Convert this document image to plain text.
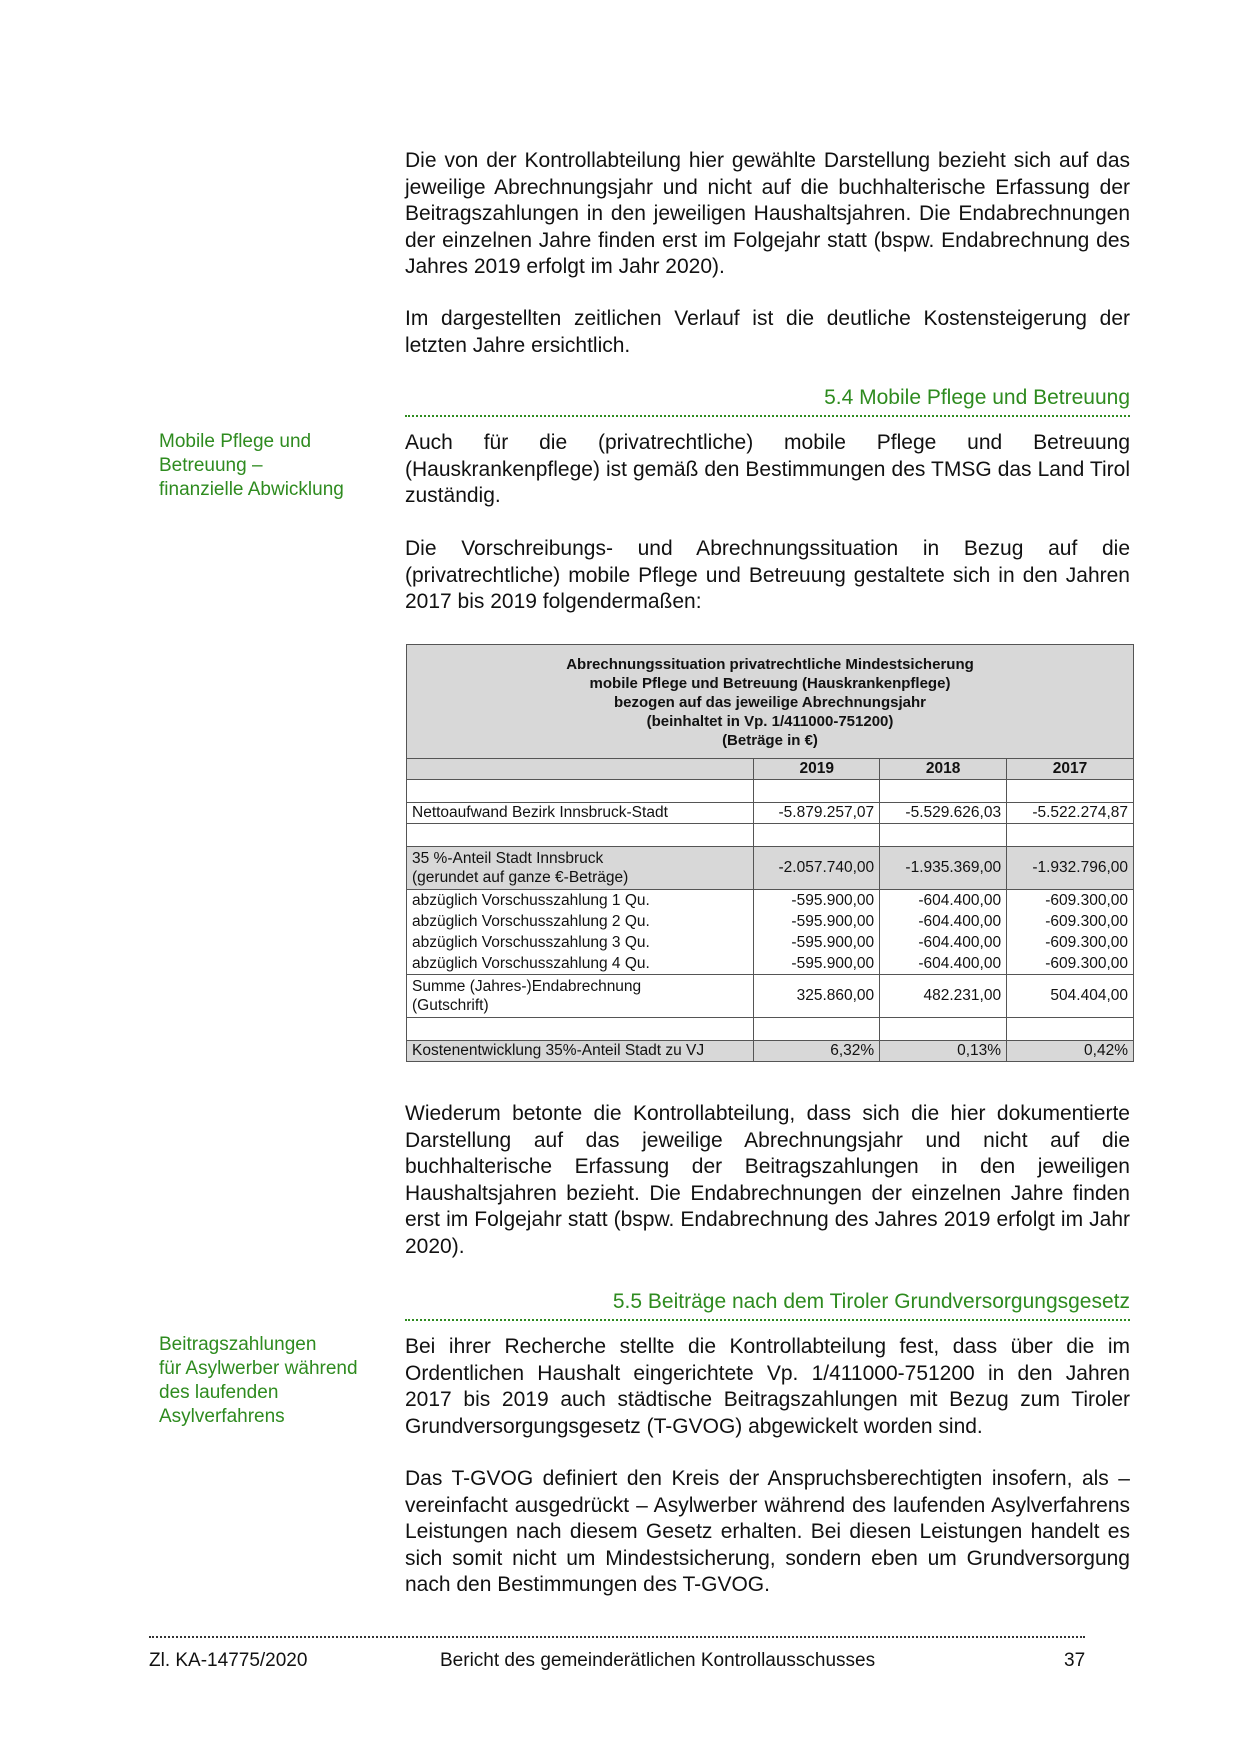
Die von der Kontrollabteilung hier gewählte Darstellung bezieht sich auf das jeweilige Abrechnungsjahr und nicht auf die buchhalterische Erfassung der Beitragszahlungen in den jeweiligen Haushaltsjahren. Die Endabrechnungen der einzelnen Jahre finden erst im Folgejahr statt (bspw. Endabrechnung des Jahres 2019 erfolgt im Jahr 2020).

Im dargestellten zeitlichen Verlauf ist die deutliche Kostensteigerung der letzten Jahre ersichtlich.

5.4 Mobile Pflege und Betreuung
Mobile Pflege und
Betreuung –
finanzielle Abwicklung

Auch für die (privatrechtliche) mobile Pflege und Betreuung (Hauskrankenpflege) ist gemäß den Bestimmungen des TMSG das Land Tirol zuständig.

Die Vorschreibungs- und Abrechnungssituation in Bezug auf die (privatrechtliche) mobile Pflege und Betreuung gestaltete sich in den Jahren 2017 bis 2019 folgendermaßen:

Abrechnungssituation privatrechtliche Mindestsicherung
mobile Pflege und Betreuung (Hauskrankenpflege)
bezogen auf das jeweilige Abrechnungsjahr
(beinhaltet in Vp. 1/411000-751200)
(Beträge in €)			

	2019	2018	2017

Nettoaufwand Bezirk Innsbruck-Stadt	-5.879.257,07	-5.529.626,03	-5.522.274,87

35 %-Anteil Stadt Innsbruck
(gerundet auf ganze €-Beträge)	-2.057.740,00	-1.935.369,00	-1.932.796,00
abzüglich Vorschusszahlung 1 Qu.	-595.900,00	-604.400,00	-609.300,00
abzüglich Vorschusszahlung 2 Qu.	-595.900,00	-604.400,00	-609.300,00
abzüglich Vorschusszahlung 3 Qu.	-595.900,00	-604.400,00	-609.300,00
abzüglich Vorschusszahlung 4 Qu.	-595.900,00	-604.400,00	-609.300,00

Summe (Jahres-)Endabrechnung
(Gutschrift)	325.860,00	482.231,00	504.404,00

Kostenentwicklung 35%-Anteil Stadt zu VJ	6,32%	0,13%	0,42%

Wiederum betonte die Kontrollabteilung, dass sich die hier dokumentierte Darstellung auf das jeweilige Abrechnungsjahr und nicht auf die buchhalterische Erfassung der Beitragszahlungen in den jeweiligen Haushaltsjahren bezieht. Die Endabrechnungen der einzelnen Jahre finden erst im Folgejahr statt (bspw. Endabrechnung des Jahres 2019 erfolgt im Jahr 2020).

5.5 Beiträge nach dem Tiroler Grundversorgungsgesetz
Beitragszahlungen
für Asylwerber während
des laufenden
Asylverfahrens

Bei ihrer Recherche stellte die Kontrollabteilung fest, dass über die im Ordentlichen Haushalt eingerichtete Vp. 1/411000-751200 in den Jahren 2017 bis 2019 auch städtische Beitragszahlungen mit Bezug zum Tiroler Grundversorgungsgesetz (T-GVOG) abgewickelt worden sind.

Das T-GVOG definiert den Kreis der Anspruchsberechtigten insofern, als – vereinfacht ausgedrückt – Asylwerber während des laufenden Asylverfahrens Leistungen nach diesem Gesetz erhalten. Bei diesen Leistungen handelt es sich somit nicht um Mindestsicherung, sondern eben um Grundversorgung nach den Bestimmungen des T-GVOG.

Zl. KA-14775/2020	Bericht des gemeinderätlichen Kontrollausschusses	37
